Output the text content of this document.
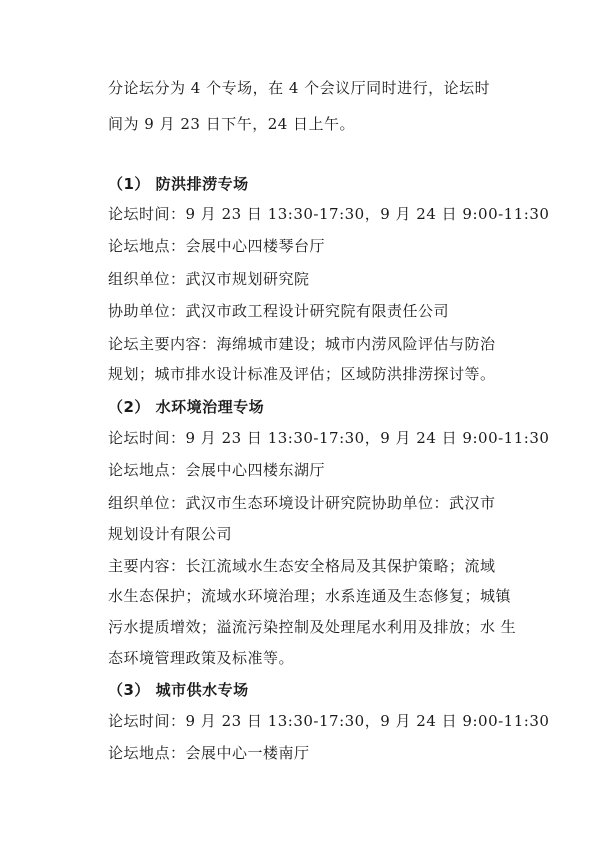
分论坛分为 4 个专场，在 4 个会议厅同时进行，论坛时
间为 9 月 23 日下午，24 日上午。
（1） 防洪排涝专场
论坛时间：9 月 23 日 13:30-17:30，9 月 24 日 9:00-11:30
论坛地点：会展中心四楼琴台厅
组织单位：武汉市规划研究院
协助单位：武汉市政工程设计研究院有限责任公司
论坛主要内容：海绵城市建设；城市内涝风险评估与防治
规划；城市排水设计标准及评估；区域防洪排涝探讨等。
（2） 水环境治理专场
论坛时间：9 月 23 日 13:30-17:30，9 月 24 日 9:00-11:30
论坛地点：会展中心四楼东湖厅
组织单位：武汉市生态环境设计研究院协助单位：武汉市
规划设计有限公司
主要内容：长江流域水生态安全格局及其保护策略；流域
水生态保护；流域水环境治理；水系连通及生态修复；城镇
污水提质增效；溢流污染控制及处理尾水利用及排放；水 生
态环境管理政策及标准等。
（3） 城市供水专场
论坛时间：9 月 23 日 13:30-17:30，9 月 24 日 9:00-11:30
论坛地点：会展中心一楼南厅
